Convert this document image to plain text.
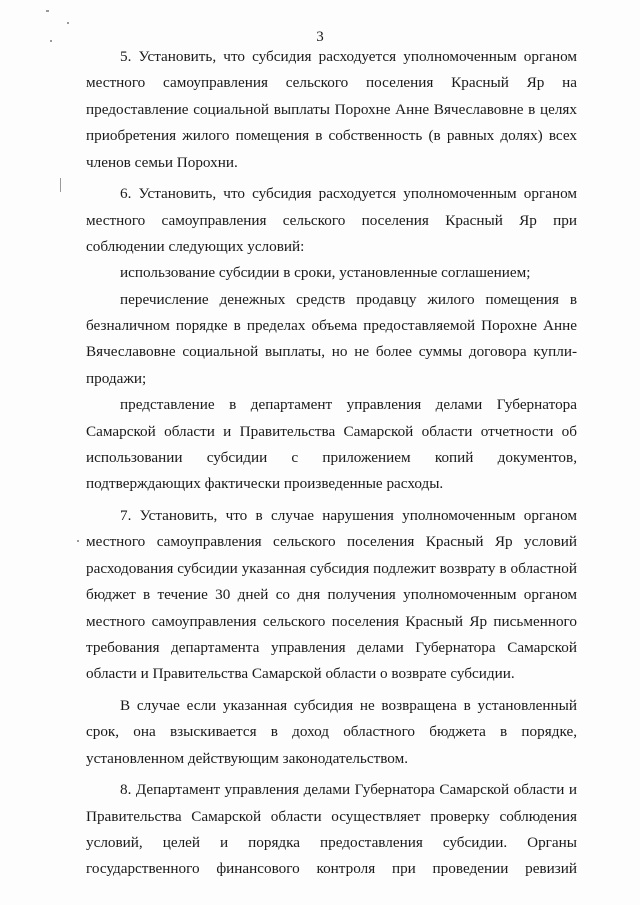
3
5. Установить, что субсидия расходуется уполномоченным органом
местного самоуправления сельского поселения Красный Яр на
предоставление социальной выплаты Порохне Анне Вячеславовне в целях
приобретения жилого помещения в собственность (в равных долях) всех
членов семьи Порохни.
6. Установить, что субсидия расходуется уполномоченным органом
местного самоуправления сельского поселения Красный Яр при
соблюдении следующих условий:
использование субсидии в сроки, установленные соглашением;
перечисление денежных средств продавцу жилого помещения в
безналичном порядке в пределах объема предоставляемой Порохне Анне
Вячеславовне социальной выплаты, но не более суммы договора купли-
продажи;
представление в департамент управления делами Губернатора
Самарской области и Правительства Самарской области отчетности об
использовании субсидии с приложением копий документов,
подтверждающих фактически произведенные расходы.
7. Установить, что в случае нарушения уполномоченным органом
местного самоуправления сельского поселения Красный Яр условий
расходования субсидии указанная субсидия подлежит возврату в областной
бюджет в течение 30 дней со дня получения уполномоченным органом
местного самоуправления сельского поселения Красный Яр письменного
требования департамента управления делами Губернатора Самарской
области и Правительства Самарской области о возврате субсидии.
В случае если указанная субсидия не возвращена в установленный
срок, она взыскивается в доход областного бюджета в порядке,
установленном действующим законодательством.
8. Департамент управления делами Губернатора Самарской области и
Правительства Самарской области осуществляет проверку соблюдения
условий, целей и порядка предоставления субсидии. Органы
государственного финансового контроля при проведении ревизий
